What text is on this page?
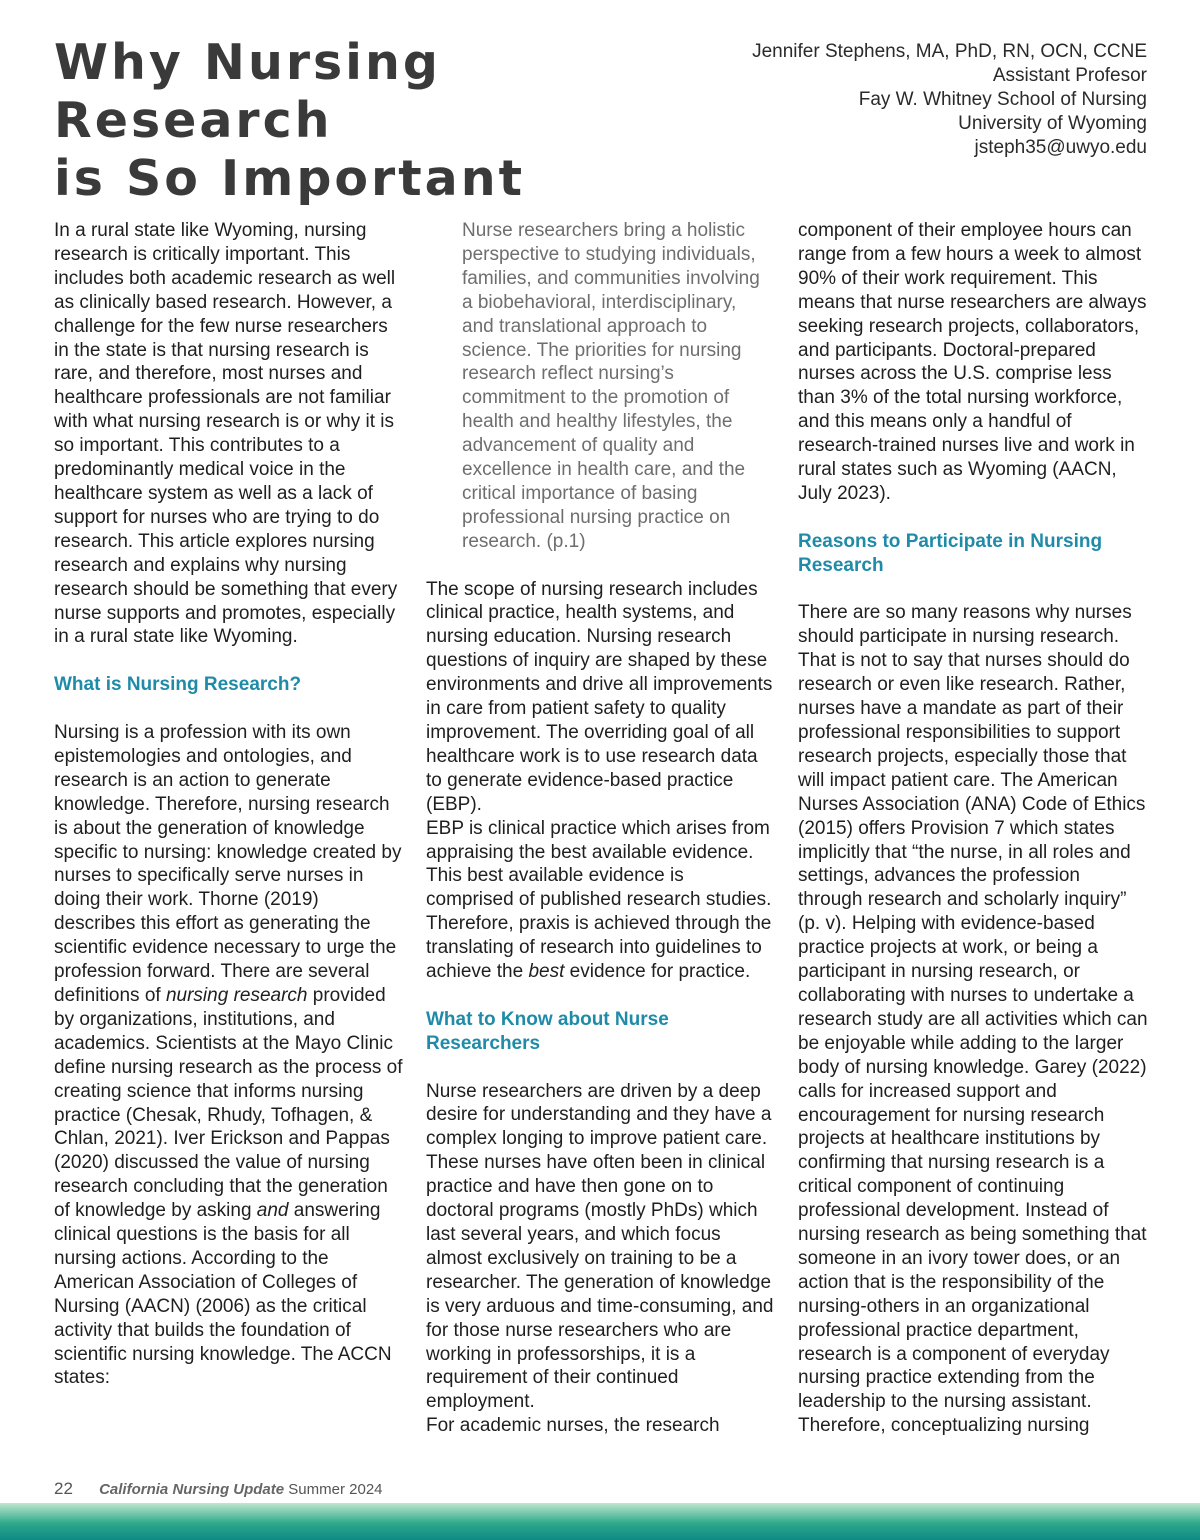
Why Nursing Research
is So Important
Jennifer Stephens, MA, PhD, RN, OCN, CCNE
Assistant Profesor
Fay W. Whitney School of Nursing
University of Wyoming
jsteph35@uwyo.edu

In a rural state like Wyoming, nursing research is critically important. This includes both academic research as well as clinically based research. However, a challenge for the few nurse researchers in the state is that nursing research is rare, and therefore, most nurses and healthcare professionals are not familiar with what nursing research is or why it is so important. This contributes to a predominantly medical voice in the healthcare system as well as a lack of support for nurses who are trying to do research. This article explores nursing research and explains why nursing research should be something that every nurse supports and promotes, especially in a rural state like Wyoming.

What is Nursing Research?

Nursing is a profession with its own epistemologies and ontologies, and research is an action to generate knowledge. Therefore, nursing research is about the generation of knowledge specific to nursing: knowledge created by nurses to specifically serve nurses in doing their work. Thorne (2019) describes this effort as generating the scientific evidence necessary to urge the profession forward. There are several definitions of nursing research provided by organizations, institutions, and academics. Scientists at the Mayo Clinic define nursing research as the process of creating science that informs nursing practice (Chesak, Rhudy, Tofhagen, & Chlan, 2021). Iver Erickson and Pappas (2020) discussed the value of nursing research concluding that the generation of knowledge by asking and answering clinical questions is the basis for all nursing actions. According to the American Association of Colleges of Nursing (AACN) (2006) as the critical activity that builds the foundation of scientific nursing knowledge. The ACCN states:

Nurse researchers bring a holistic perspective to studying individuals, families, and communities involving a biobehavioral, interdisciplinary, and translational approach to science. The priorities for nursing research reflect nursing’s commitment to the promotion of health and healthy lifestyles, the advancement of quality and excellence in health care, and the critical importance of basing professional nursing practice on research. (p.1)

The scope of nursing research includes clinical practice, health systems, and nursing education. Nursing research questions of inquiry are shaped by these environments and drive all improvements in care from patient safety to quality improvement. The overriding goal of all healthcare work is to use research data to generate evidence-based practice (EBP).

EBP is clinical practice which arises from appraising the best available evidence. This best available evidence is comprised of published research studies. Therefore, praxis is achieved through the translating of research into guidelines to achieve the best evidence for practice.

What to Know about Nurse Researchers

Nurse researchers are driven by a deep desire for understanding and they have a complex longing to improve patient care. These nurses have often been in clinical practice and have then gone on to doctoral programs (mostly PhDs) which last several years, and which focus almost exclusively on training to be a researcher. The generation of knowledge is very arduous and time-consuming, and for those nurse researchers who are working in professorships, it is a requirement of their continued employment.

For academic nurses, the research

component of their employee hours can range from a few hours a week to almost 90% of their work requirement. This means that nurse researchers are always seeking research projects, collaborators, and participants. Doctoral-prepared nurses across the U.S. comprise less than 3% of the total nursing workforce, and this means only a handful of research-trained nurses live and work in rural states such as Wyoming (AACN, July 2023).

Reasons to Participate in Nursing Research

There are so many reasons why nurses should participate in nursing research. That is not to say that nurses should do research or even like research. Rather, nurses have a mandate as part of their professional responsibilities to support research projects, especially those that will impact patient care. The American Nurses Association (ANA) Code of Ethics (2015) offers Provision 7 which states implicitly that “the nurse, in all roles and settings, advances the profession through research and scholarly inquiry” (p. v). Helping with evidence-based practice projects at work, or being a participant in nursing research, or collaborating with nurses to undertake a research study are all activities which can be enjoyable while adding to the larger body of nursing knowledge. Garey (2022) calls for increased support and encouragement for nursing research projects at healthcare institutions by confirming that nursing research is a critical component of continuing professional development. Instead of nursing research as being something that someone in an ivory tower does, or an action that is the responsibility of the nursing-others in an organizational professional practice department, research is a component of everyday nursing practice extending from the leadership to the nursing assistant. Therefore, conceptualizing nursing

22 California Nursing Update Summer 2024
